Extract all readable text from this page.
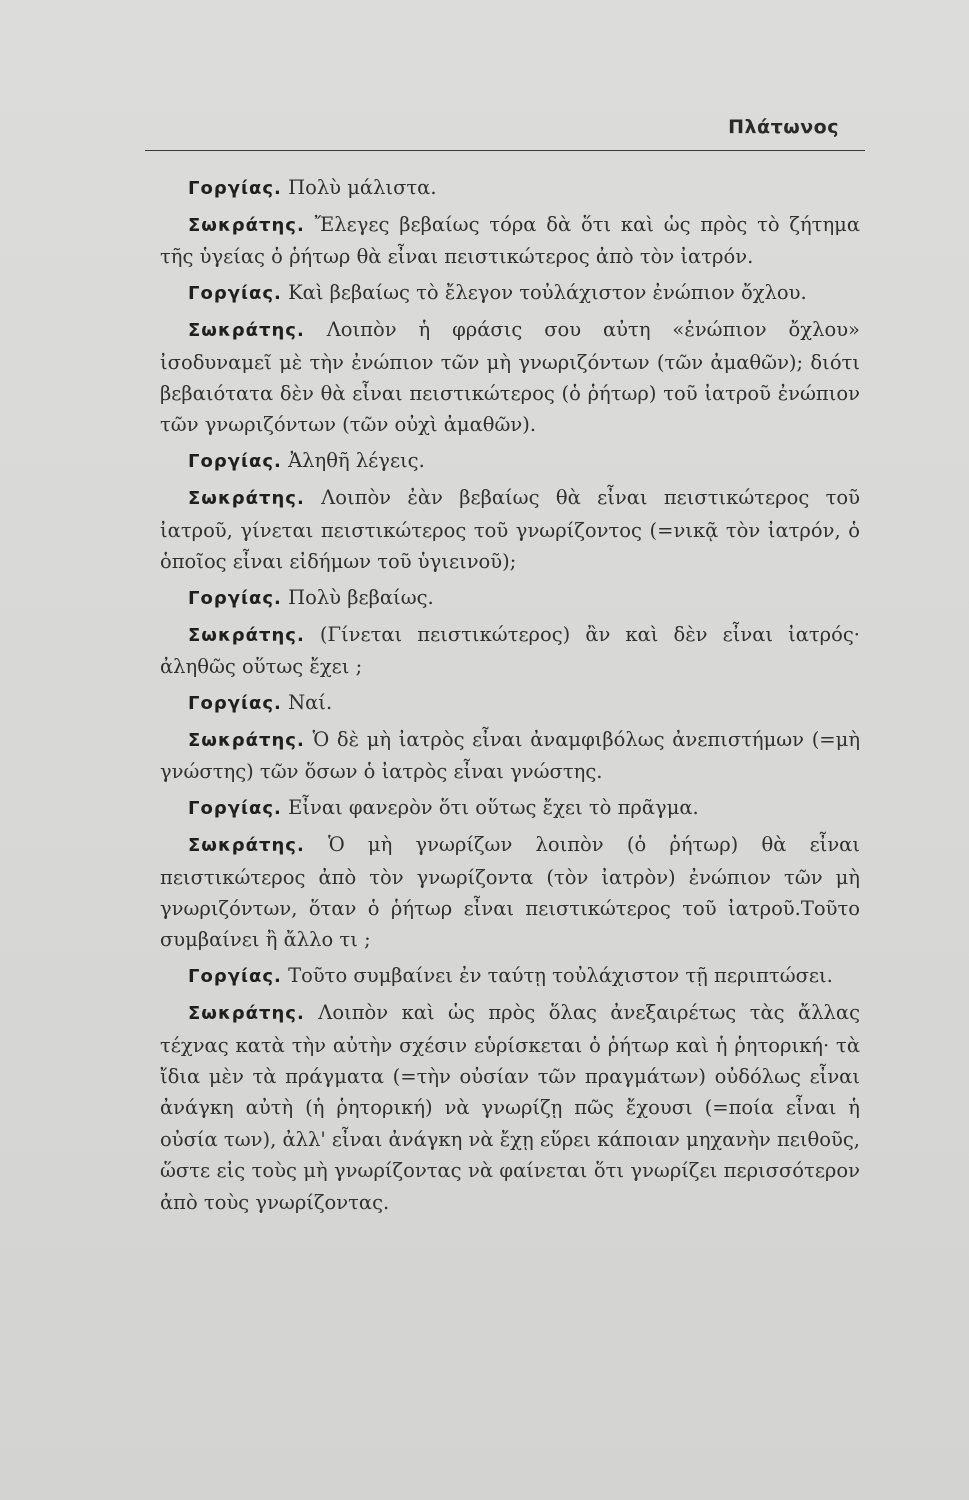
Πλάτωνος

Γοργίας. Πολὺ μάλιστα.

Σωκράτης. Ἔλεγες βεβαίως τόρα δὰ ὅτι καὶ ὡς πρὸς τὸ ζήτημα τῆς ὑγείας ὁ ῥήτωρ θὰ εἶναι πειστικώτερος ἀπὸ τὸν ἰατρόν.

Γοργίας. Καὶ βεβαίως τὸ ἔλεγον τοὐλάχιστον ἐνώπιον ὄχλου.

Σωκράτης. Λοιπὸν ἡ φράσις σου αὐτη «ἐνώπιον ὄχλου» ἰσοδυναμεῖ μὲ τὴν ἐνώπιον τῶν μὴ γνωριζόντων (τῶν ἀμαθῶν); διότι βεβαιότατα δὲν θὰ εἶναι πειστικώτερος (ὁ ῥήτωρ) τοῦ ἰατροῦ ἐνώπιον τῶν γνωριζόντων (τῶν οὐχὶ ἀμαθῶν).

Γοργίας. Ἀληθῆ λέγεις.

Σωκράτης. Λοιπὸν ἐὰν βεβαίως θὰ εἶναι πειστικώτερος τοῦ ἰατροῦ, γίνεται πειστικώτερος τοῦ γνωρίζοντος (=νικᾷ τὸν ἰατρόν, ὁ ὁποῖος εἶναι εἰδήμων τοῦ ὑγιεινοῦ);

Γοργίας. Πολὺ βεβαίως.

Σωκράτης. (Γίνεται πειστικώτερος) ἂν καὶ δὲν εἶναι ἰατρός· ἀληθῶς οὕτως ἔχει ;

Γοργίας. Ναί.

Σωκράτης. Ὁ δὲ μὴ ἰατρὸς εἶναι ἀναμφιβόλως ἀνεπιστήμων (=μὴ γνώστης) τῶν ὅσων ὁ ἰατρὸς εἶναι γνώστης.

Γοργίας. Εἶναι φανερὸν ὅτι οὕτως ἔχει τὸ πρᾶγμα.

Σωκράτης. Ὁ μὴ γνωρίζων λοιπὸν (ὁ ῥήτωρ) θὰ εἶναι πειστικώτερος ἀπὸ τὸν γνωρίζοντα (τὸν ἰατρὸν) ἐνώπιον τῶν μὴ γνωριζόντων, ὅταν ὁ ῥήτωρ εἶναι πειστικώτερος τοῦ ἰατροῦ.Τοῦτο συμβαίνει ἢ ἄλλο τι ;

Γοργίας. Τοῦτο συμβαίνει ἐν ταύτῃ τοὐλάχιστον τῇ περιπτώσει.

Σωκράτης. Λοιπὸν καὶ ὡς πρὸς ὅλας ἀνεξαιρέτως τὰς ἄλλας τέχνας κατὰ τὴν αὐτὴν σχέσιν εὑρίσκεται ὁ ῥήτωρ καὶ ἡ ῥητορική· τὰ ἴδια μὲν τὰ πράγματα (=τὴν οὐσίαν τῶν πραγμάτων) οὐδόλως εἶναι ἀνάγκη αὐτὴ (ἡ ῥητορική) νὰ γνωρίζῃ πῶς ἔχουσι (=ποία εἶναι ἡ οὐσία των), ἀλλ' εἶναι ἀνάγκη νὰ ἔχῃ εὕρει κάποιαν μηχανὴν πειθοῦς, ὥστε εἰς τοὺς μὴ γνωρίζοντας νὰ φαίνεται ὅτι γνωρίζει περισσότερον ἀπὸ τοὺς γνωρίζοντας.
